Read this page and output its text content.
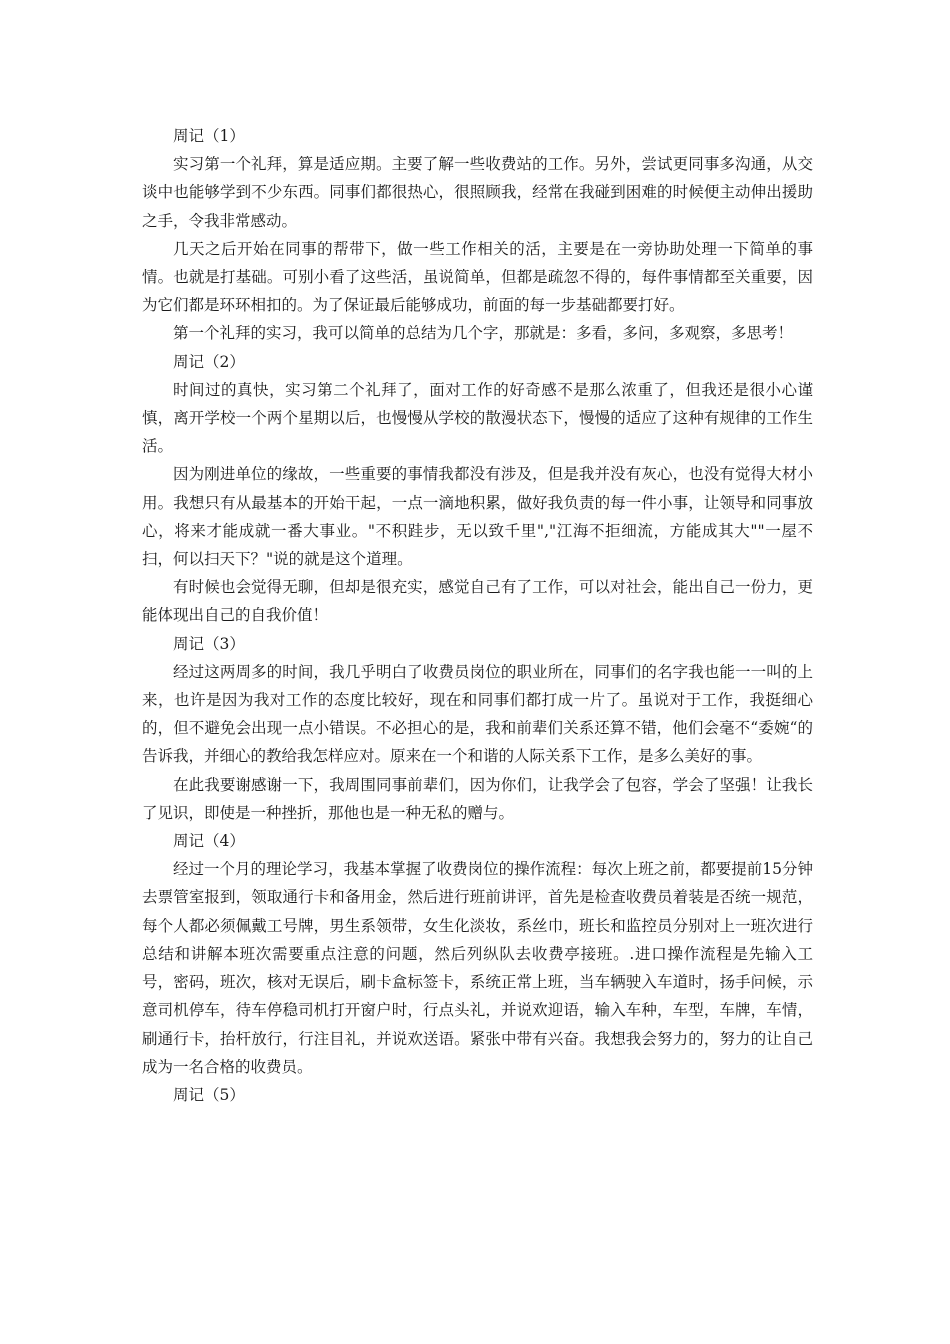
周记（1）

实习第一个礼拜，算是适应期。主要了解一些收费站的工作。另外，尝试更同事多沟通，从交谈中也能够学到不少东西。同事们都很热心，很照顾我，经常在我碰到困难的时候便主动伸出援助之手，令我非常感动。

几天之后开始在同事的帮带下，做一些工作相关的活，主要是在一旁协助处理一下简单的事情。也就是打基础。可别小看了这些活，虽说简单，但都是疏忽不得的，每件事情都至关重要，因为它们都是环环相扣的。为了保证最后能够成功，前面的每一步基础都要打好。

第一个礼拜的实习，我可以简单的总结为几个字，那就是：多看，多问，多观察，多思考！

周记（2）

时间过的真快，实习第二个礼拜了，面对工作的好奇感不是那么浓重了，但我还是很小心谨慎，离开学校一个两个星期以后，也慢慢从学校的散漫状态下，慢慢的适应了这种有规律的工作生活。

因为刚进单位的缘故，一些重要的事情我都没有涉及，但是我并没有灰心，也没有觉得大材小用。我想只有从最基本的开始干起，一点一滴地积累，做好我负责的每一件小事，让领导和同事放心，将来才能成就一番大事业。"不积跬步，无以致千里","江海不拒细流，方能成其大""一屋不扫，何以扫天下？"说的就是这个道理。

有时候也会觉得无聊，但却是很充实，感觉自己有了工作，可以对社会，能出自己一份力，更能体现出自己的自我价值！

周记（3）

经过这两周多的时间，我几乎明白了收费员岗位的职业所在，同事们的名字我也能一一叫的上来，也许是因为我对工作的态度比较好，现在和同事们都打成一片了。虽说对于工作，我挺细心的，但不避免会出现一点小错误。不必担心的是，我和前辈们关系还算不错，他们会毫不“委婉“的告诉我，并细心的教给我怎样应对。原来在一个和谐的人际关系下工作，是多么美好的事。

在此我要谢感谢一下，我周围同事前辈们，因为你们，让我学会了包容，学会了坚强！让我长了见识，即使是一种挫折，那他也是一种无私的赠与。

周记（4）

经过一个月的理论学习，我基本掌握了收费岗位的操作流程：每次上班之前，都要提前15分钟去票管室报到，领取通行卡和备用金，然后进行班前讲评，首先是检查收费员着装是否统一规范，每个人都必须佩戴工号牌，男生系领带，女生化淡妆，系丝巾，班长和监控员分别对上一班次进行总结和讲解本班次需要重点注意的问题，然后列纵队去收费亭接班。.进口操作流程是先输入工号，密码，班次，核对无误后，刷卡盒标签卡，系统正常上班，当车辆驶入车道时，扬手问候，示意司机停车，待车停稳司机打开窗户时，行点头礼，并说欢迎语，输入车种，车型，车牌，车情，刷通行卡，抬杆放行，行注目礼，并说欢送语。紧张中带有兴奋。我想我会努力的，努力的让自己成为一名合格的收费员。

周记（5）
